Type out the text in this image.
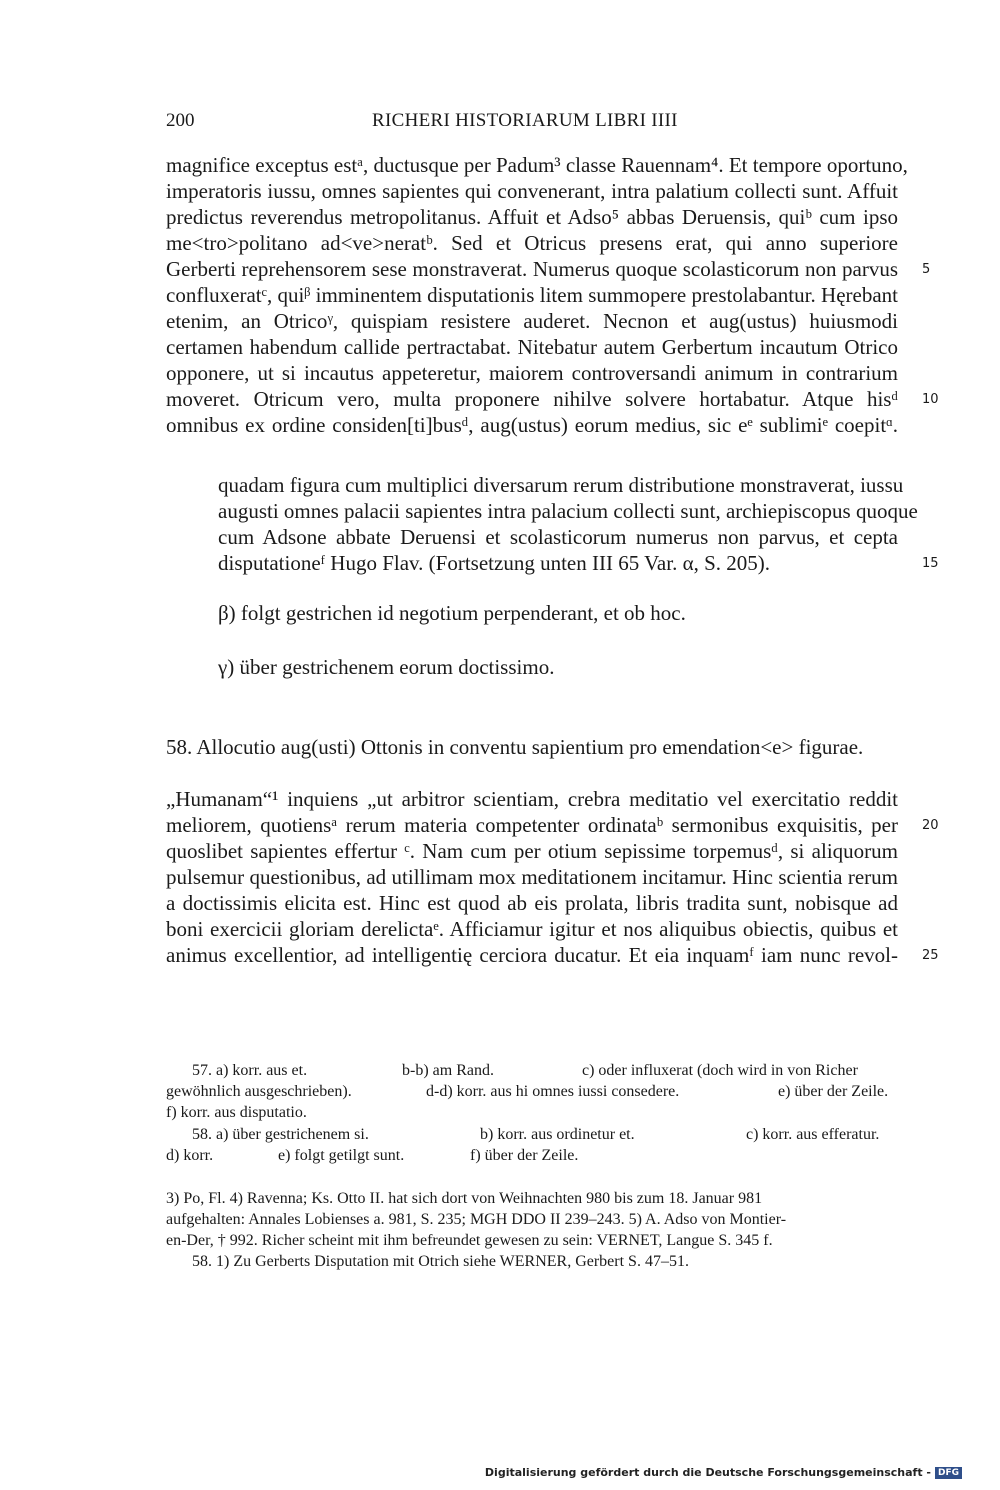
200	RICHERI HISTORIARUM LIBRI IIII
magnifice exceptus estᵃ, ductusque per Padum³ classe Rauennam⁴. Et tempore oportuno,
imperatoris iussu, omnes sapientes qui convenerant, intra palatium collecti sunt. Affuit
predictus reverendus metropolitanus. Affuit et Adso⁵ abbas Deruensis, quiᵇ cum ipso
me<tro>politano ad<ve>neratᵇ. Sed et Otricus presens erat, qui anno superiore
Gerberti reprehensorem sese monstraverat. Numerus quoque scolasticorum non parvus
confluxeratᶜ, quiᵝ imminentem disputationis litem summopere prestolabantur. Hęrebant
etenim, an Otricoᵞ, quispiam resistere auderet. Necnon et aug(ustus) huiusmodi
certamen habendum callide pertractabat. Nitebatur autem Gerbertum incautum Otrico
opponere, ut si incautus appeteretur, maiorem controversandi animum in contrarium
moveret. Otricum vero, multa proponere nihilve solvere hortabatur. Atque hisᵈ
omnibus ex ordine considen[ti]busᵈ, aug(ustus) eorum medius, sic eᵉ sublimiᵉ coepitᵅ.
quadam figura cum multiplici diversarum rerum distributione monstraverat, iussu
augusti omnes palacii sapientes intra palacium collecti sunt, archiepiscopus quoque
cum Adsone abbate Deruensi et scolasticorum numerus non parvus, et cepta
disputationeᶠ Hugo Flav. (Fortsetzung unten III 65 Var. α, S. 205).
β) folgt gestrichen id negotium perpenderant, et ob hoc.
γ) über gestrichenem eorum doctissimo.
58. Allocutio aug(usti) Ottonis in conventu sapientium pro emendation<e> figurae.
„Humanam“¹ inquiens „ut arbitror scientiam, crebra meditatio vel exercitatio reddit
meliorem, quotiensᵃ rerum materia competenter ordinataᵇ sermonibus exquisitis, per
quoslibet sapientes effertur ᶜ. Nam cum per otium sepissime torpemusᵈ, si aliquorum
pulsemur questionibus, ad utillimam mox meditationem incitamur. Hinc scientia rerum
a doctissimis elicita est. Hinc est quod ab eis prolata, libris tradita sunt, nobisque ad
boni exercicii gloriam derelictaᵉ. Afficiamur igitur et nos aliquibus obiectis, quibus et
animus excellentior, ad intelligentię cerciora ducatur. Et eia inquamᶠ iam nunc revol-
5
10
15
20
25
57. a) korr. aus et.	b-b) am Rand.	c) oder influxerat (doch wird in von Richer
gewöhnlich ausgeschrieben).	d-d) korr. aus hi omnes iussi consedere.	e) über der Zeile.
f) korr. aus disputatio.
58. a) über gestrichenem si.	b) korr. aus ordinetur et.	c) korr. aus efferatur.
d) korr.	e) folgt getilgt sunt.	f) über der Zeile.
3) Po, Fl. 4) Ravenna; Ks. Otto II. hat sich dort von Weihnachten 980 bis zum 18. Januar 981
aufgehalten: Annales Lobienses a. 981, S. 235; MGH DDO II 239–243. 5) A. Adso von Montier-
en-Der, † 992. Richer scheint mit ihm befreundet gewesen zu sein: VERNET, Langue S. 345 f.
58. 1) Zu Gerberts Disputation mit Otrich siehe WERNER, Gerbert S. 47–51.
Digitalisierung gefördert durch die Deutsche Forschungsgemeinschaft - DFG
